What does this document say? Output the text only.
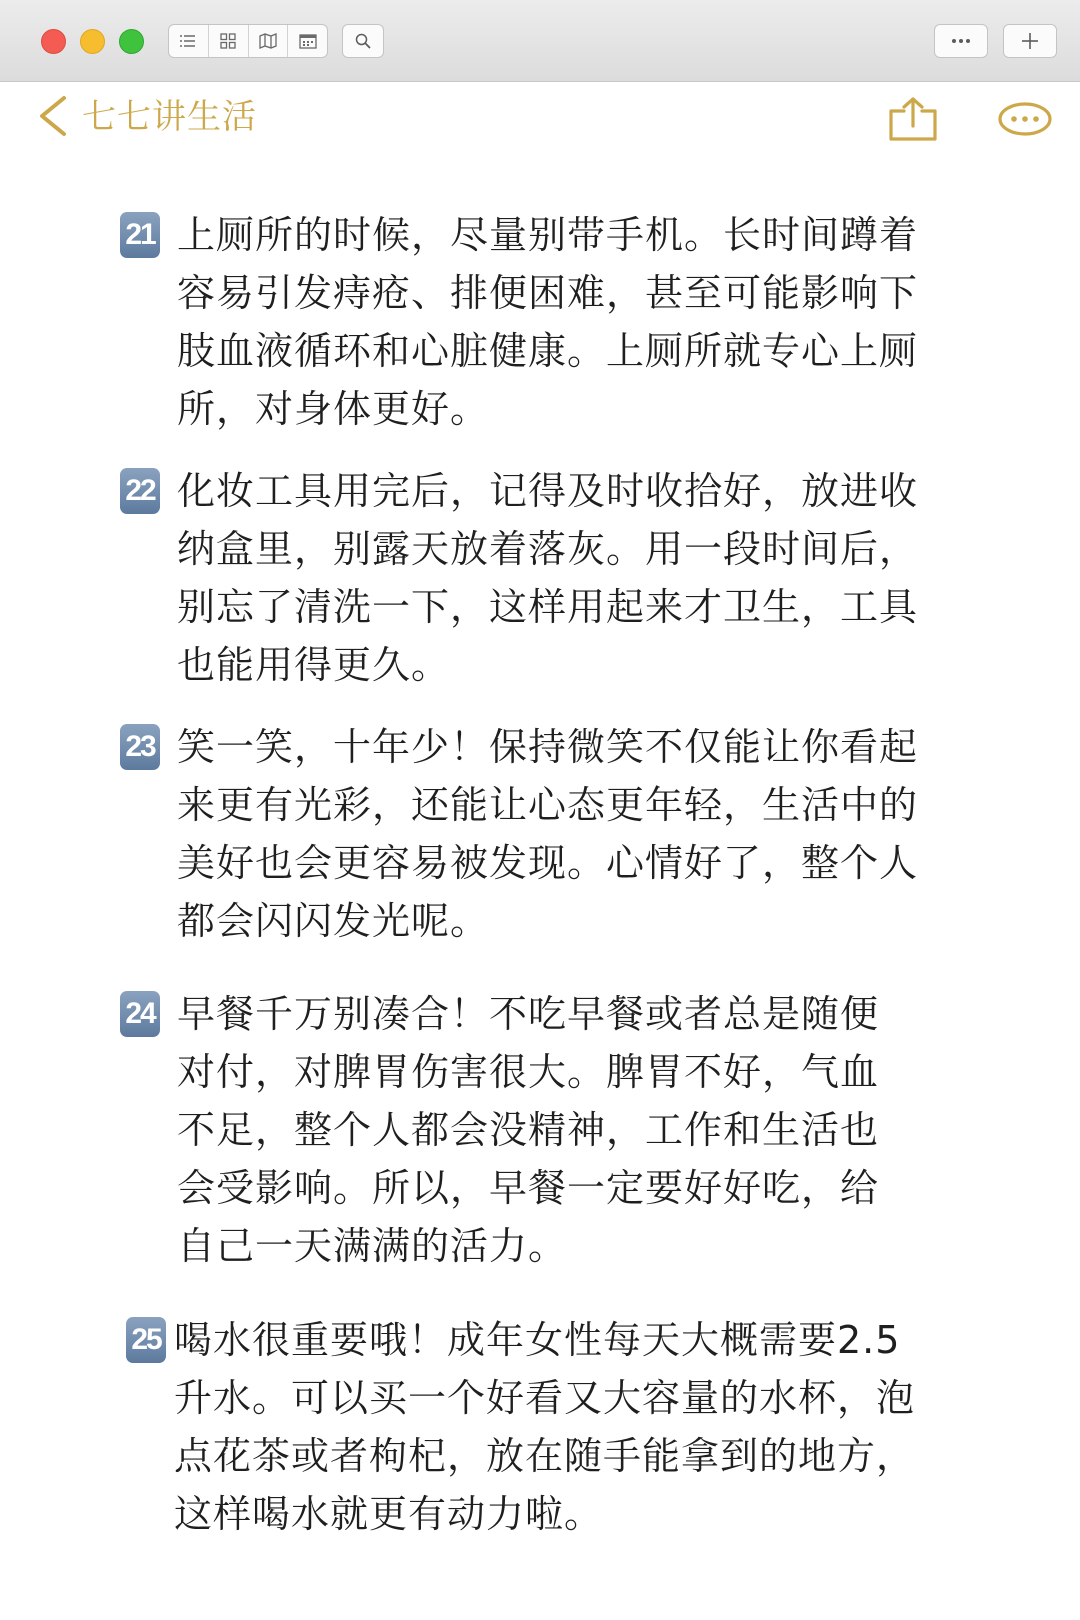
七七讲生活
21 上厕所的时候，尽量别带手机。长时间蹲着容易引发痔疮、排便困难，甚至可能影响下肢血液循环和心脏健康。上厕所就专心上厕所，对身体更好。
22 化妆工具用完后，记得及时收拾好，放进收纳盒里，别露天放着落灰。用一段时间后，别忘了清洗一下，这样用起来才卫生，工具也能用得更久。
23 笑一笑，十年少！保持微笑不仅能让你看起来更有光彩，还能让心态更年轻，生活中的美好也会更容易被发现。心情好了，整个人都会闪闪发光呢。
24 早餐千万别凑合！不吃早餐或者总是随便对付，对脾胃伤害很大。脾胃不好，气血不足，整个人都会没精神，工作和生活也会受影响。所以，早餐一定要好好吃，给自己一天满满的活力。
25 喝水很重要哦！成年女性每天大概需要2.5升水。可以买一个好看又大容量的水杯，泡点花茶或者枸杞，放在随手能拿到的地方，这样喝水就更有动力啦。
